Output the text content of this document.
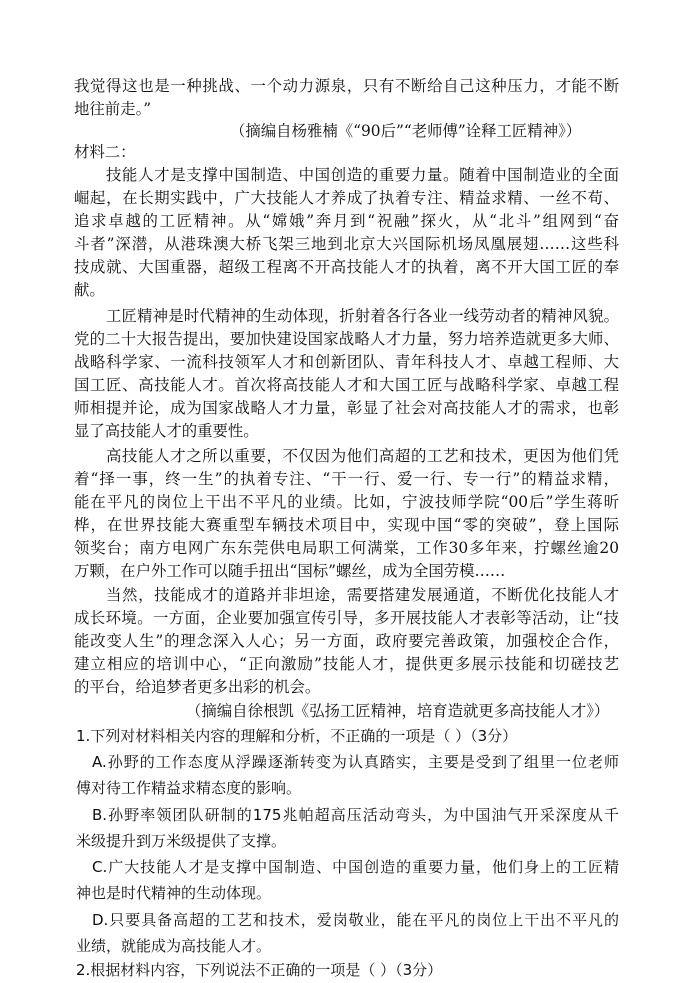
我觉得这也是一种挑战、一个动力源泉，只有不断给自己这种压力，才能不断
地往前走。”
（摘编自杨雅楠《“90后”“老师傅”诠释工匠精神》）
材料二：
技能人才是支撑中国制造、中国创造的重要力量。随着中国制造业的全面
崛起，在长期实践中，广大技能人才养成了执着专注、精益求精、一丝不苟、
追求卓越的工匠精神。从“嫦娥”奔月到“祝融”探火，从“北斗”组网到“奋
斗者”深潜，从港珠澳大桥飞架三地到北京大兴国际机场凤凰展翅……这些科
技成就、大国重器，超级工程离不开高技能人才的执着，离不开大国工匠的奉
献。
工匠精神是时代精神的生动体现，折射着各行各业一线劳动者的精神风貌。
党的二十大报告提出，要加快建设国家战略人才力量，努力培养造就更多大师、
战略科学家、一流科技领军人才和创新团队、青年科技人才、卓越工程师、大
国工匠、高技能人才。首次将高技能人才和大国工匠与战略科学家、卓越工程
师相提并论，成为国家战略人才力量，彰显了社会对高技能人才的需求，也彰
显了高技能人才的重要性。
高技能人才之所以重要，不仅因为他们高超的工艺和技术，更因为他们凭
着“择一事，终一生”的执着专注、“干一行、爱一行、专一行”的精益求精，
能在平凡的岗位上干出不平凡的业绩。比如，宁波技师学院“00后”学生蒋昕
桦，在世界技能大赛重型车辆技术项目中，实现中国“零的突破”，登上国际
领奖台；南方电网广东东莞供电局职工何满棠，工作30多年来，拧螺丝逾20
万颗，在户外工作可以随手扭出“国标”螺丝，成为全国劳模……
当然，技能成才的道路并非坦途，需要搭建发展通道，不断优化技能人才
成长环境。一方面，企业要加强宣传引导，多开展技能人才表彰等活动，让“技
能改变人生”的理念深入人心；另一方面，政府要完善政策，加强校企合作，
建立相应的培训中心，“正向激励”技能人才，提供更多展示技能和切磋技艺
的平台，给追梦者更多出彩的机会。
（摘编自徐根凯《弘扬工匠精神，培育造就更多高技能人才》）
1.下列对材料相关内容的理解和分析，不正确的一项是（ ）（3分）
A.孙野的工作态度从浮躁逐渐转变为认真踏实，主要是受到了组里一位老师
傅对待工作精益求精态度的影响。
B.孙野率领团队研制的175兆帕超高压活动弯头，为中国油气开采深度从千
米级提升到万米级提供了支撑。
C.广大技能人才是支撑中国制造、中国创造的重要力量，他们身上的工匠精
神也是时代精神的生动体现。
D.只要具备高超的工艺和技术，爱岗敬业，能在平凡的岗位上干出不平凡的
业绩，就能成为高技能人才。
2.根据材料内容，下列说法不正确的一项是（ ）（3分）
